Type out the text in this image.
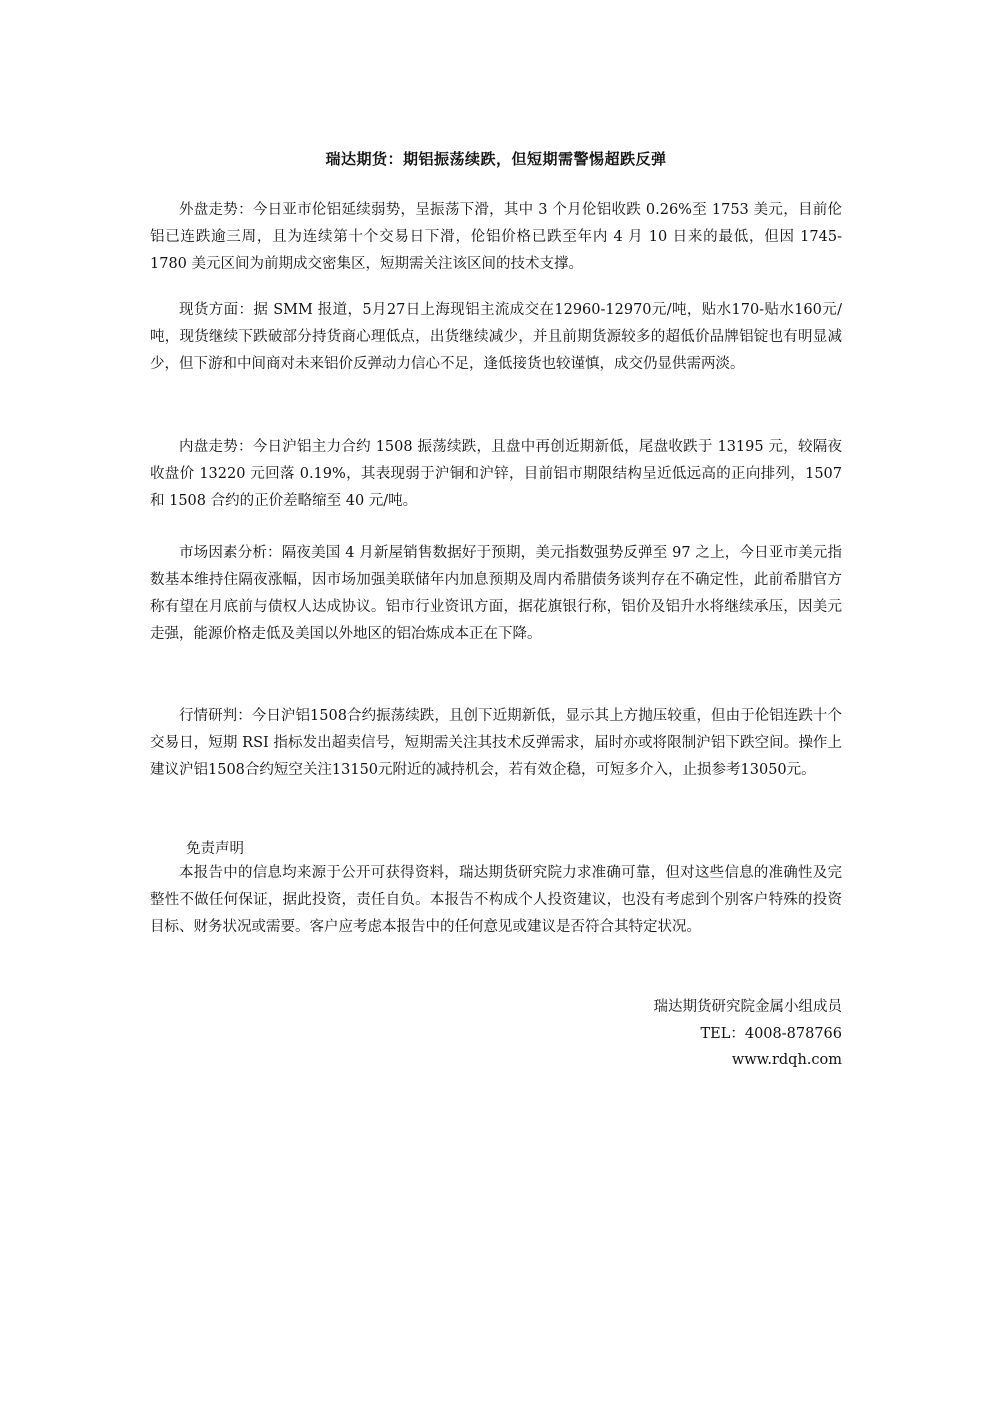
瑞达期货：期铝振荡续跌，但短期需警惕超跌反弹

外盘走势：今日亚市伦铝延续弱势，呈振荡下滑，其中 3 个月伦铝收跌 0.26%至 1753 美元，目前伦铝已连跌逾三周，且为连续第十个交易日下滑，伦铝价格已跌至年内 4 月 10 日来的最低，但因 1745-1780 美元区间为前期成交密集区，短期需关注该区间的技术支撑。

现货方面：据 SMM 报道，5月27日上海现铝主流成交在12960-12970元/吨，贴水170-贴水160元/吨，现货继续下跌破部分持货商心理低点，出货继续减少，并且前期货源较多的超低价品牌铝锭也有明显减少，但下游和中间商对未来铝价反弹动力信心不足，逢低接货也较谨慎，成交仍显供需两淡。

内盘走势：今日沪铝主力合约 1508 振荡续跌，且盘中再创近期新低，尾盘收跌于 13195 元，较隔夜收盘价 13220 元回落 0.19%，其表现弱于沪铜和沪锌，目前铝市期限结构呈近低远高的正向排列，1507 和 1508 合约的正价差略缩至 40 元/吨。

市场因素分析：隔夜美国 4 月新屋销售数据好于预期，美元指数强势反弹至 97 之上，今日亚市美元指数基本维持住隔夜涨幅，因市场加强美联储年内加息预期及周内希腊债务谈判存在不确定性，此前希腊官方称有望在月底前与债权人达成协议。铝市行业资讯方面，据花旗银行称，铝价及铝升水将继续承压，因美元走强，能源价格走低及美国以外地区的铝冶炼成本正在下降。

行情研判：今日沪铝1508合约振荡续跌，且创下近期新低，显示其上方抛压较重，但由于伦铝连跌十个交易日，短期 RSI 指标发出超卖信号，短期需关注其技术反弹需求，届时亦或将限制沪铝下跌空间。操作上建议沪铝1508合约短空关注13150元附近的减持机会，若有效企稳，可短多介入，止损参考13050元。

免责声明

本报告中的信息均来源于公开可获得资料，瑞达期货研究院力求准确可靠，但对这些信息的准确性及完整性不做任何保证，据此投资，责任自负。本报告不构成个人投资建议，也没有考虑到个别客户特殊的投资目标、财务状况或需要。客户应考虑本报告中的任何意见或建议是否符合其特定状况。

瑞达期货研究院金属小组成员

TEL：4008-878766

www.rdqh.com
